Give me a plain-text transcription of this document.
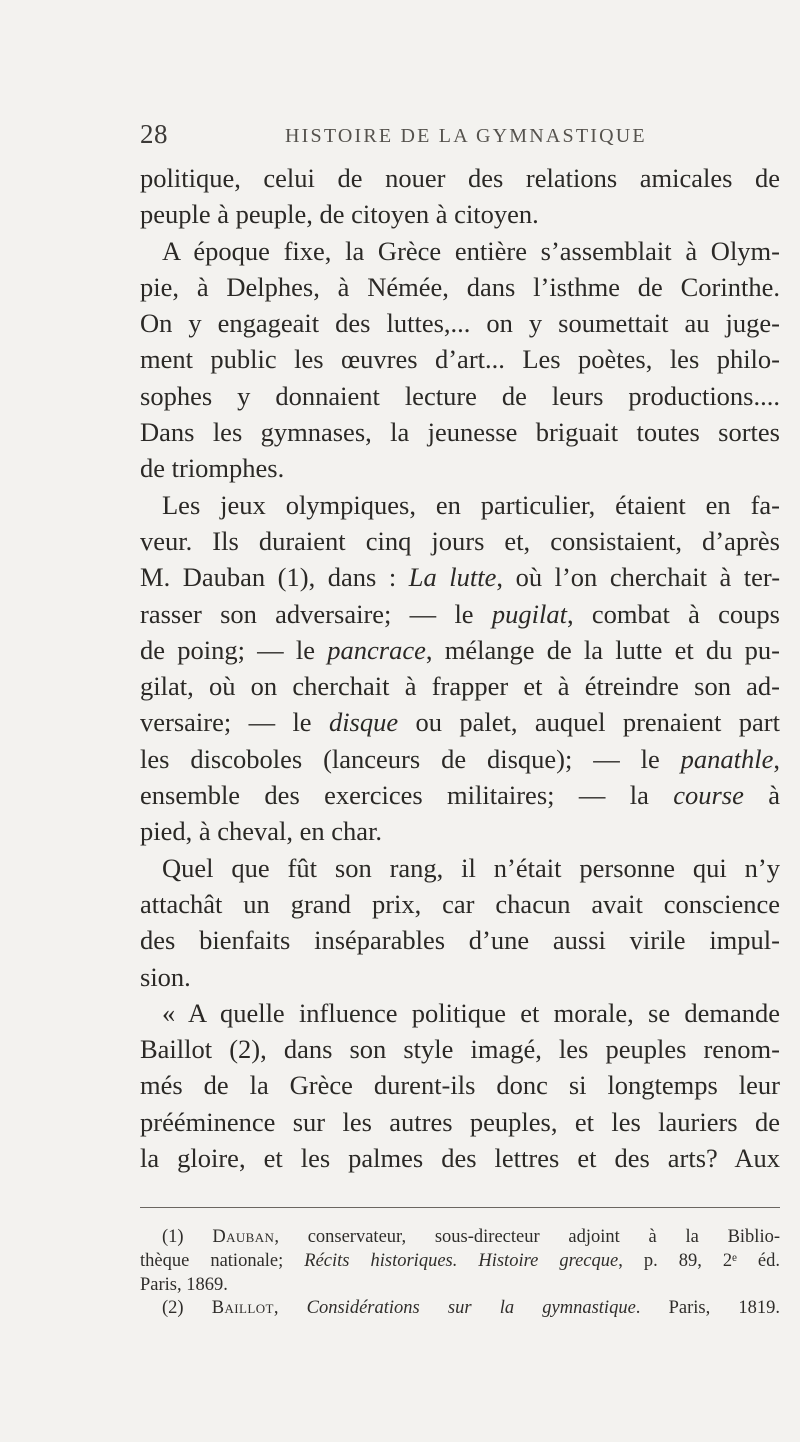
28	HISTOIRE DE LA GYMNASTIQUE
politique, celui de nouer des relations amicales de
peuple à peuple, de citoyen à citoyen.
A époque fixe, la Grèce entière s’assemblait à Olym-
pie, à Delphes, à Némée, dans l’isthme de Corinthe.
On y engageait des luttes,... on y soumettait au juge-
ment public les œuvres d’art... Les poètes, les philo-
sophes y donnaient lecture de leurs productions....
Dans les gymnases, la jeunesse briguait toutes sortes
de triomphes.
Les jeux olympiques, en particulier, étaient en fa-
veur. Ils duraient cinq jours et, consistaient, d’après
M. Dauban (1), dans : La lutte, où l’on cherchait à ter-
rasser son adversaire; — le pugilat, combat à coups
de poing; — le pancrace, mélange de la lutte et du pu-
gilat, où on cherchait à frapper et à étreindre son ad-
versaire; — le disque ou palet, auquel prenaient part
les discoboles (lanceurs de disque); — le panathle,
ensemble des exercices militaires; — la course à
pied, à cheval, en char.
Quel que fût son rang, il n’était personne qui n’y
attachât un grand prix, car chacun avait conscience
des bienfaits inséparables d’une aussi virile impul-
sion.
« A quelle influence politique et morale, se demande
Baillot (2), dans son style imagé, les peuples renom-
més de la Grèce durent-ils donc si longtemps leur
prééminence sur les autres peuples, et les lauriers de
la gloire, et les palmes des lettres et des arts? Aux
(1) Dauban, conservateur, sous-directeur adjoint à la Biblio-
thèque nationale; Récits historiques. Histoire grecque, p. 89, 2ᵉ éd.
Paris, 1869.
(2) Baillot, Considérations sur la gymnastique. Paris, 1819.
